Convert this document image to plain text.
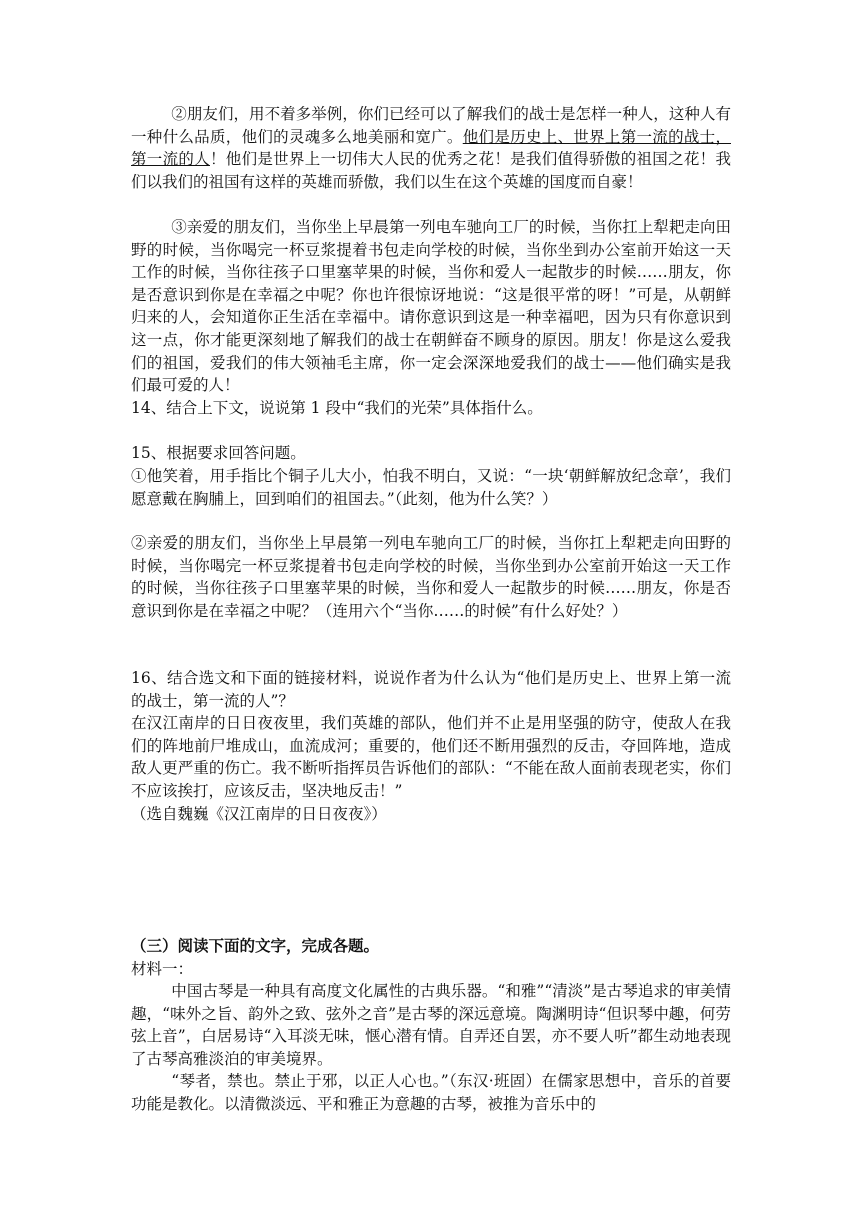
②朋友们，用不着多举例，你们已经可以了解我们的战士是怎样一种人，这种人有一种什么品质，他们的灵魂多么地美丽和宽广。他们是历史上、世界上第一流的战士，第一流的人！他们是世界上一切伟大人民的优秀之花！是我们值得骄傲的祖国之花！我们以我们的祖国有这样的英雄而骄傲，我们以生在这个英雄的国度而自豪！

③亲爱的朋友们，当你坐上早晨第一列电车驰向工厂的时候，当你扛上犁耙走向田野的时候，当你喝完一杯豆浆提着书包走向学校的时候，当你坐到办公室前开始这一天工作的时候，当你往孩子口里塞苹果的时候，当你和爱人一起散步的时候……朋友，你是否意识到你是在幸福之中呢？你也许很惊讶地说：“这是很平常的呀！”可是，从朝鲜归来的人，会知道你正生活在幸福中。请你意识到这是一种幸福吧，因为只有你意识到这一点，你才能更深刻地了解我们的战士在朝鲜奋不顾身的原因。朋友！你是这么爱我们的祖国，爱我们的伟大领袖毛主席，你一定会深深地爱我们的战士——他们确实是我们最可爱的人！

14、结合上下文，说说第 1 段中“我们的光荣”具体指什么。

15、根据要求回答问题。

①他笑着，用手指比个铜子儿大小，怕我不明白，又说：“一块‘朝鲜解放纪念章’，我们愿意戴在胸脯上，回到咱们的祖国去。”（此刻，他为什么笑？）

②亲爱的朋友们，当你坐上早晨第一列电车驰向工厂的时候，当你扛上犁耙走向田野的时候，当你喝完一杯豆浆提着书包走向学校的时候，当你坐到办公室前开始这一天工作的时候，当你往孩子口里塞苹果的时候，当你和爱人一起散步的时候……朋友，你是否意识到你是在幸福之中呢？（连用六个“当你……的时候”有什么好处？）

16、结合选文和下面的链接材料，说说作者为什么认为“他们是历史上、世界上第一流的战士，第一流的人”？

在汉江南岸的日日夜夜里，我们英雄的部队，他们并不止是用坚强的防守，使敌人在我们的阵地前尸堆成山，血流成河；重要的，他们还不断用强烈的反击，夺回阵地，造成敌人更严重的伤亡。我不断听指挥员告诉他们的部队：“不能在敌人面前表现老实，你们不应该挨打，应该反击，坚决地反击！”

（选自魏巍《汉江南岸的日日夜夜》）

（三）阅读下面的文字，完成各题。

材料一：

中国古琴是一种具有高度文化属性的古典乐器。“和雅”“清淡”是古琴追求的审美情趣，“味外之旨、韵外之致、弦外之音”是古琴的深远意境。陶渊明诗“但识琴中趣，何劳弦上音”，白居易诗“入耳淡无味，惬心潜有情。自弄还自罢，亦不要人听”都生动地表现了古琴高雅淡泊的审美境界。

“琴者，禁也。禁止于邪，以正人心也。”（东汉·班固）在儒家思想中，音乐的首要功能是教化。以清微淡远、平和雅正为意趣的古琴，被推为音乐中的
